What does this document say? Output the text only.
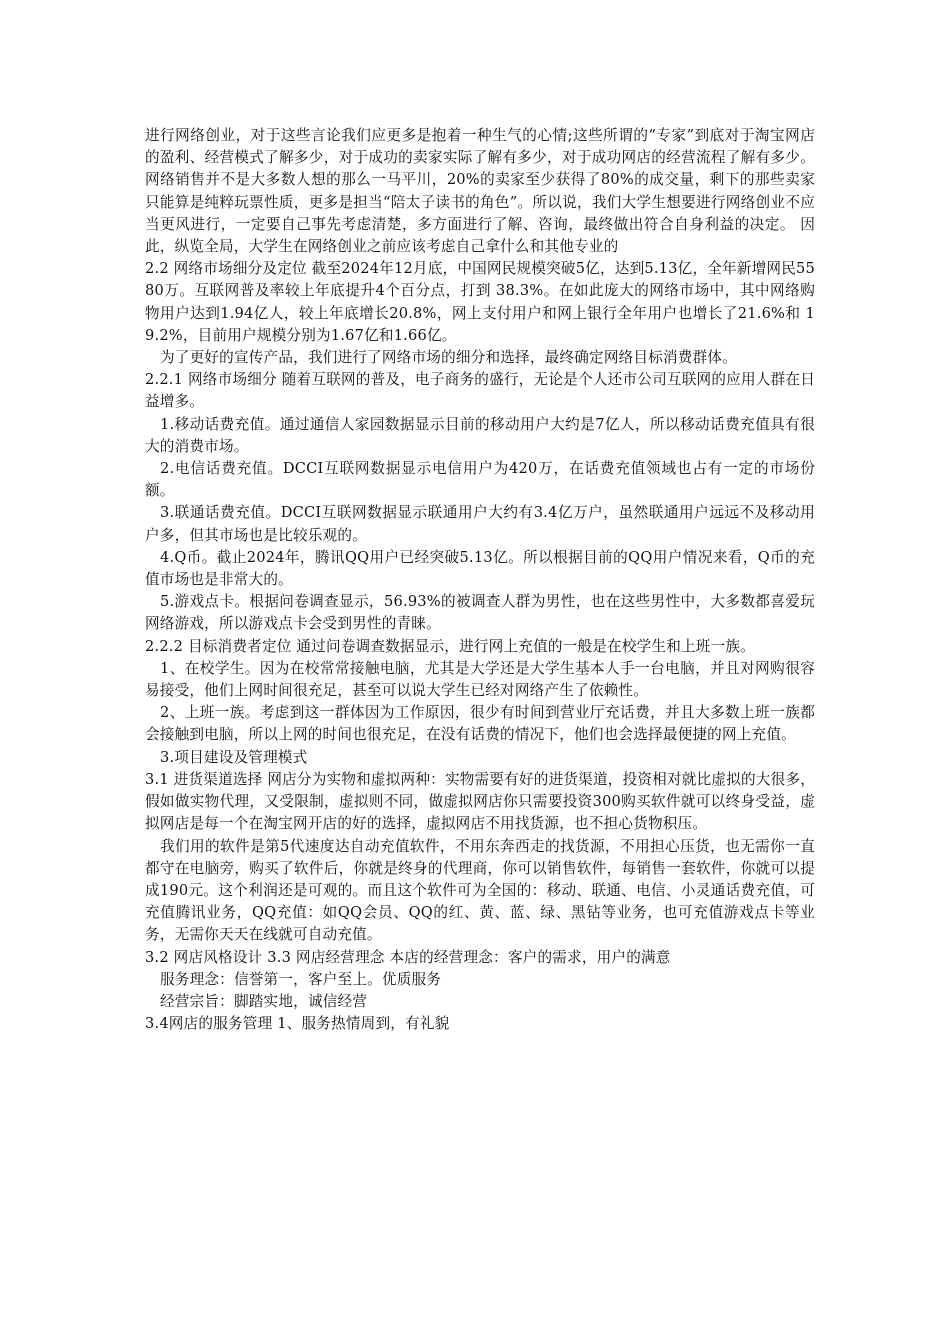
进行网络创业，对于这些言论我们应更多是抱着一种生气的心情;这些所谓的“专家”到底对于淘宝网店的盈利、经营模式了解多少，对于成功的卖家实际了解有多少，对于成功网店的经营流程了解有多少。网络销售并不是大多数人想的那么一马平川，20%的卖家至少获得了80%的成交量，剩下的那些卖家只能算是纯粹玩票性质，更多是担当“陪太子读书的角色”。所以说，我们大学生想要进行网络创业不应当更风进行，一定要自己事先考虑清楚，多方面进行了解、咨询，最终做出符合自身利益的决定。 因此，纵览全局，大学生在网络创业之前应该考虑自己拿什么和其他专业的

2.2 网络市场细分及定位 截至2024年12月底，中国网民规模突破5亿，达到5.13亿，全年新增网民5580万。互联网普及率较上年底提升4个百分点，打到 38.3%。在如此庞大的网络市场中，其中网络购物用户达到1.94亿人，较上年底增长20.8%，网上支付用户和网上银行全年用户也增长了21.6%和 19.2%，目前用户规模分别为1.67亿和1.66亿。

为了更好的宣传产品，我们进行了网络市场的细分和选择，最终确定网络目标消费群体。

2.2.1 网络市场细分 随着互联网的普及，电子商务的盛行，无论是个人还市公司互联网的应用人群在日益增多。

1.移动话费充值。通过通信人家园数据显示目前的移动用户大约是7亿人，所以移动话费充值具有很大的消费市场。

2.电信话费充值。DCCI互联网数据显示电信用户为420万，在话费充值领域也占有一定的市场份额。

3.联通话费充值。DCCI互联网数据显示联通用户大约有3.4亿万户，虽然联通用户远远不及移动用户多，但其市场也是比较乐观的。

4.Q币。截止2024年，腾讯QQ用户已经突破5.13亿。所以根据目前的QQ用户情况来看，Q币的充值市场也是非常大的。

5.游戏点卡。根据问卷调查显示，56.93%的被调查人群为男性，也在这些男性中，大多数都喜爱玩网络游戏，所以游戏点卡会受到男性的青睐。

2.2.2 目标消费者定位 通过问卷调查数据显示，进行网上充值的一般是在校学生和上班一族。

1、在校学生。因为在校常常接触电脑，尤其是大学还是大学生基本人手一台电脑，并且对网购很容易接受，他们上网时间很充足，甚至可以说大学生已经对网络产生了依赖性。

2、上班一族。考虑到这一群体因为工作原因，很少有时间到营业厅充话费，并且大多数上班一族都会接触到电脑，所以上网的时间也很充足，在没有话费的情况下，他们也会选择最便捷的网上充值。

3.项目建设及管理模式

3.1 进货渠道选择 网店分为实物和虚拟两种：实物需要有好的进货渠道，投资相对就比虚拟的大很多，假如做实物代理，又受限制，虚拟则不同，做虚拟网店你只需要投资300购买软件就可以终身受益，虚拟网店是每一个在淘宝网开店的好的选择，虚拟网店不用找货源，也不担心货物积压。

我们用的软件是第5代速度达自动充值软件，不用东奔西走的找货源，不用担心压货，也无需你一直都守在电脑旁，购买了软件后，你就是终身的代理商，你可以销售软件，每销售一套软件，你就可以提成190元。这个利润还是可观的。而且这个软件可为全国的：移动、联通、电信、小灵通话费充值，可充值腾讯业务，QQ充值：如QQ会员、QQ的红、黄、蓝、绿、黑钻等业务，也可充值游戏点卡等业务，无需你天天在线就可自动充值。

3.2 网店风格设计 3.3 网店经营理念 本店的经营理念：客户的需求，用户的满意

服务理念：信誉第一，客户至上。优质服务

经营宗旨：脚踏实地，诚信经营

3.4网店的服务管理 1、服务热情周到，有礼貌
